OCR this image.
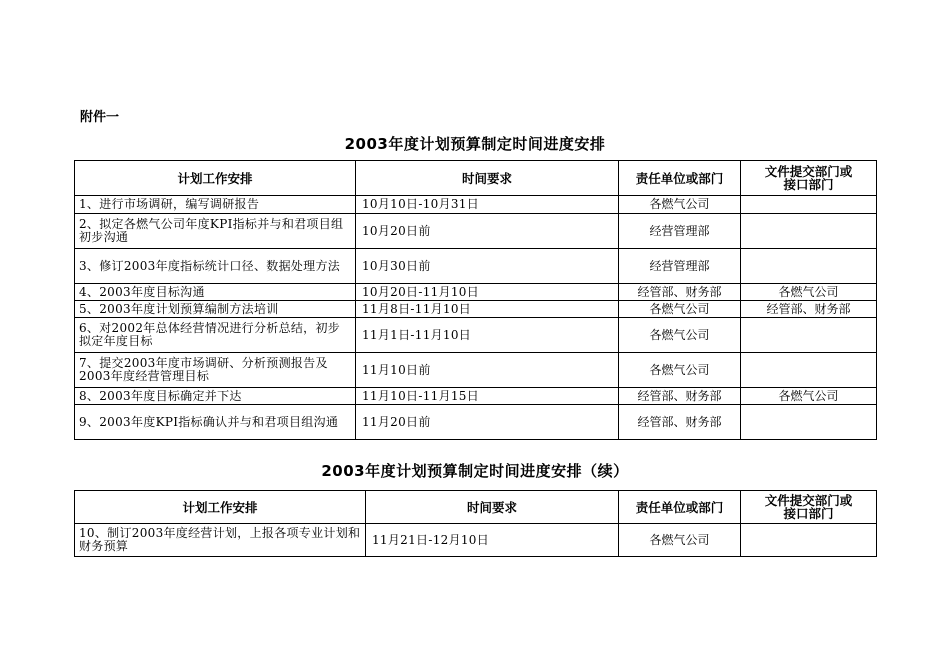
附件一
2003年度计划预算制定时间进度安排
计划工作安排	时间要求	责任单位或部门	文件提交部门或
接口部门
1、进行市场调研，编写调研报告	10月10日-10月31日	各燃气公司	
2、拟定各燃气公司年度KPI指标并与和君项目组初步沟通	10月20日前	经营管理部	
3、修订2003年度指标统计口径、数据处理方法	10月30日前	经营管理部	
4、2003年度目标沟通	10月20日-11月10日	经管部、财务部	各燃气公司
5、2003年度计划预算编制方法培训	11月8日-11月10日	各燃气公司	经管部、财务部
6、对2002年总体经营情况进行分析总结，初步拟定年度目标	11月1日-11月10日	各燃气公司	
7、提交2003年度市场调研、分析预测报告及2003年度经营管理目标	11月10日前	各燃气公司	
8、2003年度目标确定并下达	11月10日-11月15日	经管部、财务部	各燃气公司
9、2003年度KPI指标确认并与和君项目组沟通	11月20日前	经管部、财务部	
2003年度计划预算制定时间进度安排（续）
计划工作安排	时间要求	责任单位或部门	文件提交部门或
接口部门
10、制订2003年度经营计划，上报各项专业计划和财务预算	11月21日-12月10日	各燃气公司	
